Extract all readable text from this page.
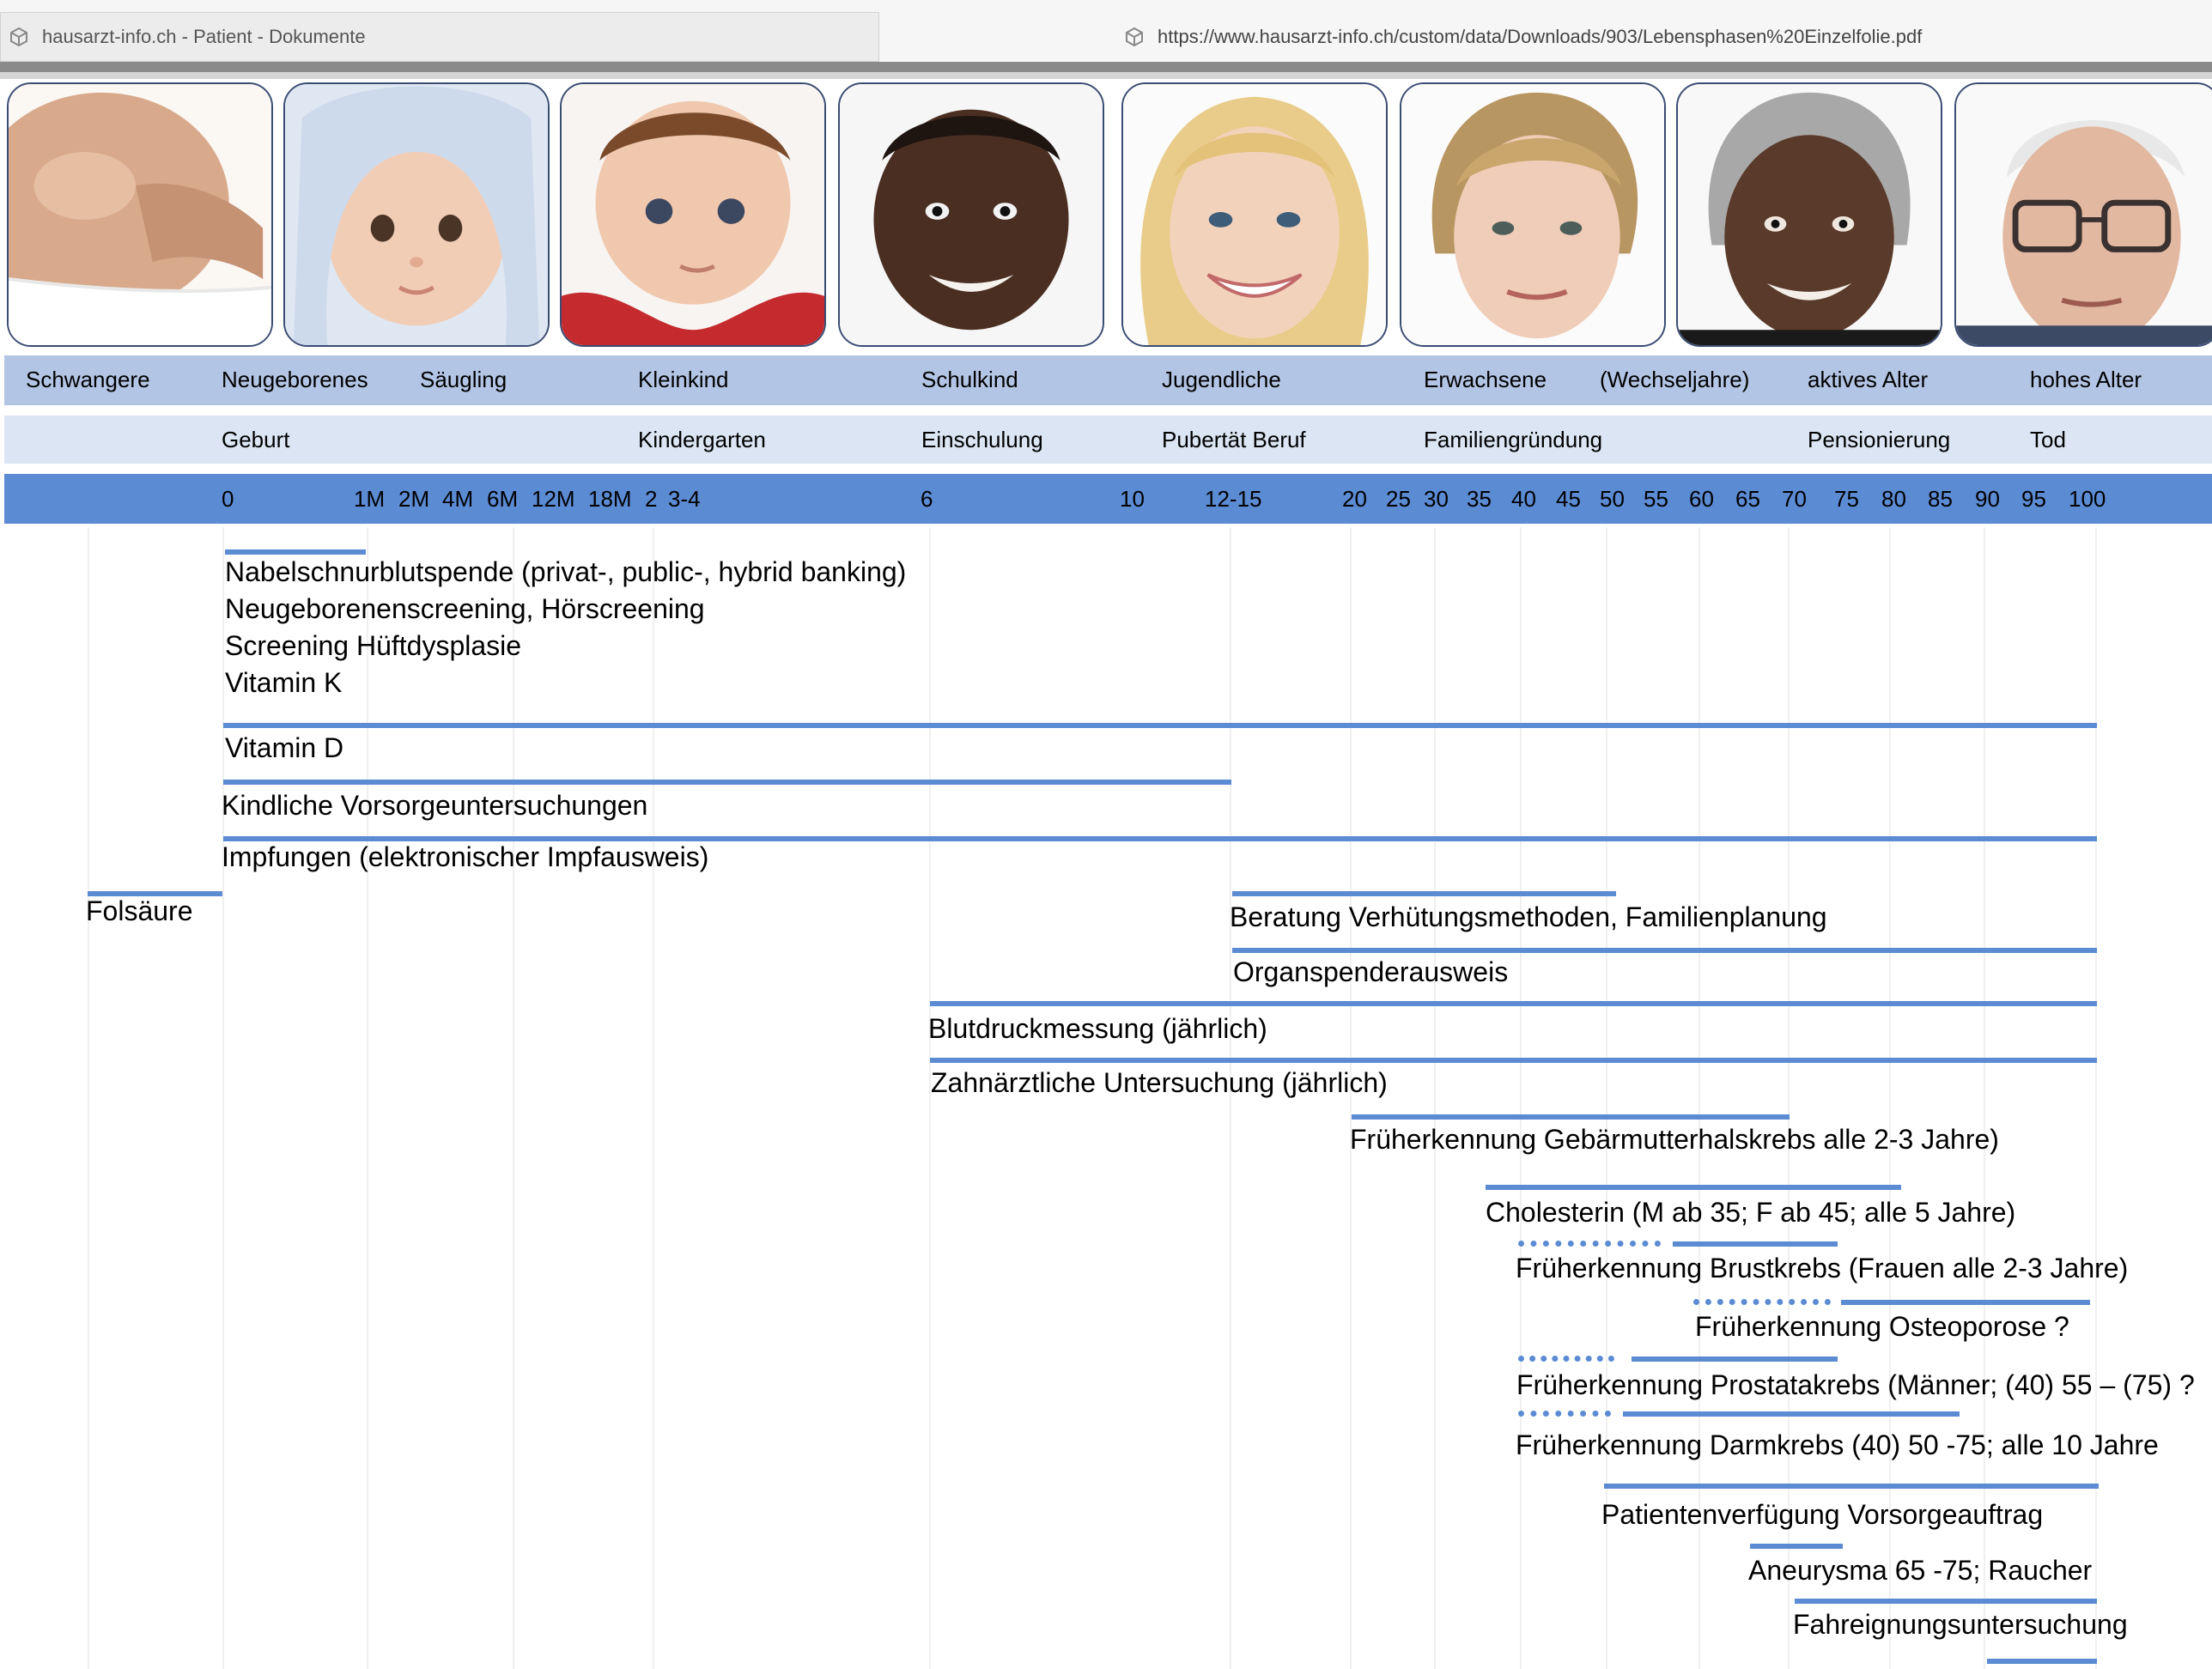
hausarzt-info.ch - Patient - Dokumente	https://www.hausarzt-info.ch/custom/data/Downloads/903/Lebensphasen%20Einzelfolie.pdf
Schwangere	Neugeborenes Säugling	Kleinkind	Schulkind	Jugendliche	Erwachsene (Wechseljahre)	aktives Alter	hohes Alter
Geburt	Kindergarten	Einschulung	Pubertät Beruf	Familiengründung	Pensionierung	Tod
0	1M 2M 4M 6M 12M 18M 2 3-4	6	10	12-15	20 25 30 35 40 45 50 55 60 65 70 75 80 85 90 95 100
Nabelschnurblutspende (privat-, public-, hybrid banking)
Neugeborenenscreening, Hörscreening
Screening Hüftdysplasie
Vitamin K
Vitamin D
Kindliche Vorsorgeuntersuchungen
Impfungen (elektronischer Impfausweis)
Folsäure	Beratung Verhütungsmethoden, Familienplanung
Organspenderausweis
Blutdruckmessung (jährlich)
Zahnärztliche Untersuchung (jährlich)
Früherkennung Gebärmutterhalskrebs alle 2-3 Jahre)
Cholesterin (M ab 35; F ab 45; alle 5 Jahre)
Früherkennung Brustkrebs (Frauen alle 2-3 Jahre)
Früherkennung Osteoporose ?
Früherkennung Prostatakrebs (Männer; (40) 55 – (75) ?
Früherkennung Darmkrebs (40) 50 -75; alle 10 Jahre
Patientenverfügung Vorsorgeauftrag
Aneurysma 65 -75; Raucher
Fahreignungsuntersuchung
